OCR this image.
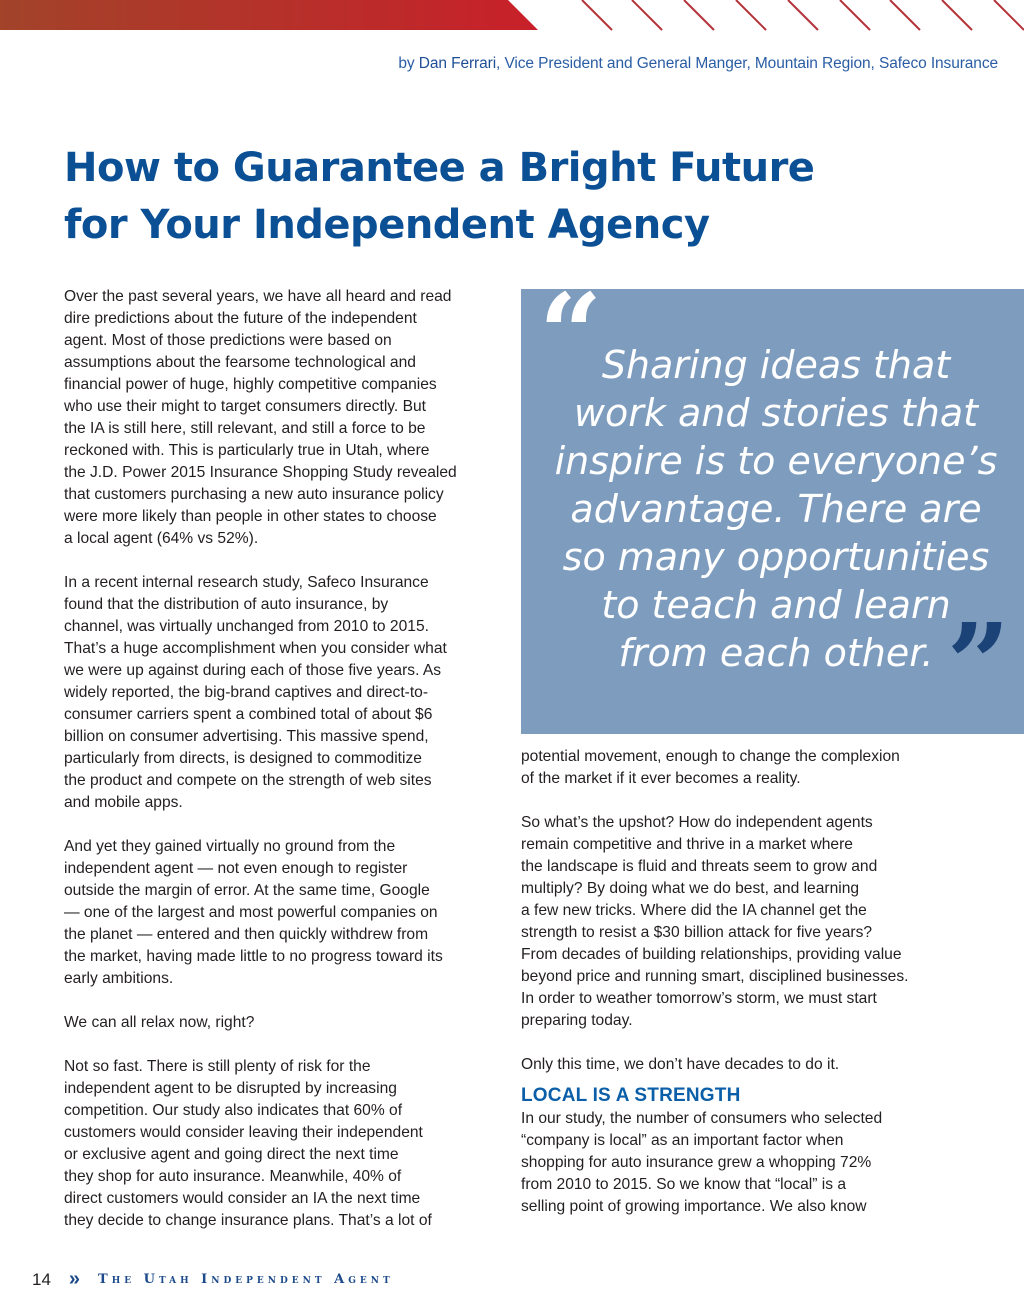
by Dan Ferrari, Vice President and General Manger, Mountain Region, Safeco Insurance
How to Guarantee a Bright Future
for Your Independent Agency

Over the past several years, we have all heard and read

dire predictions about the future of the independent

agent. Most of those predictions were based on

assumptions about the fearsome technological and

financial power of huge, highly competitive companies

who use their might to target consumers directly. But

the IA is still here, still relevant, and still a force to be

reckoned with. This is particularly true in Utah, where

the J.D. Power 2015 Insurance Shopping Study revealed

that customers purchasing a new auto insurance policy

were more likely than people in other states to choose

a local agent (64% vs 52%).

In a recent internal research study, Safeco Insurance

found that the distribution of auto insurance, by

channel, was virtually unchanged from 2010 to 2015.

That’s a huge accomplishment when you consider what

we were up against during each of those five years. As

widely reported, the big-brand captives and direct-to-

consumer carriers spent a combined total of about $6

billion on consumer advertising. This massive spend,

particularly from directs, is designed to commoditize

the product and compete on the strength of web sites

and mobile apps.

And yet they gained virtually no ground from the

independent agent — not even enough to register

outside the margin of error. At the same time, Google

— one of the largest and most powerful companies on

the planet — entered and then quickly withdrew from

the market, having made little to no progress toward its

early ambitions.

We can all relax now, right?

Not so fast. There is still plenty of risk for the

independent agent to be disrupted by increasing

competition. Our study also indicates that 60% of

customers would consider leaving their independent

or exclusive agent and going direct the next time

they shop for auto insurance. Meanwhile, 40% of

direct customers would consider an IA the next time

they decide to change insurance plans. That’s a lot of

“ Sharing ideas that
work and stories that
inspire is to everyone’s
advantage. There are
so many opportunities
to teach and learn
from each other. ”

potential movement, enough to change the complexion

of the market if it ever becomes a reality.

So what’s the upshot? How do independent agents

remain competitive and thrive in a market where

the landscape is fluid and threats seem to grow and

multiply? By doing what we do best, and learning

a few new tricks. Where did the IA channel get the

strength to resist a $30 billion attack for five years?

From decades of building relationships, providing value

beyond price and running smart, disciplined businesses.

In order to weather tomorrow’s storm, we must start

preparing today.

Only this time, we don’t have decades to do it.

LOCAL IS A STRENGTH

In our study, the number of consumers who selected

“company is local” as an important factor when

shopping for auto insurance grew a whopping 72%

from 2010 to 2015. So we know that “local” is a

selling point of growing importance. We also know

14 » The Utah Independent Agent
